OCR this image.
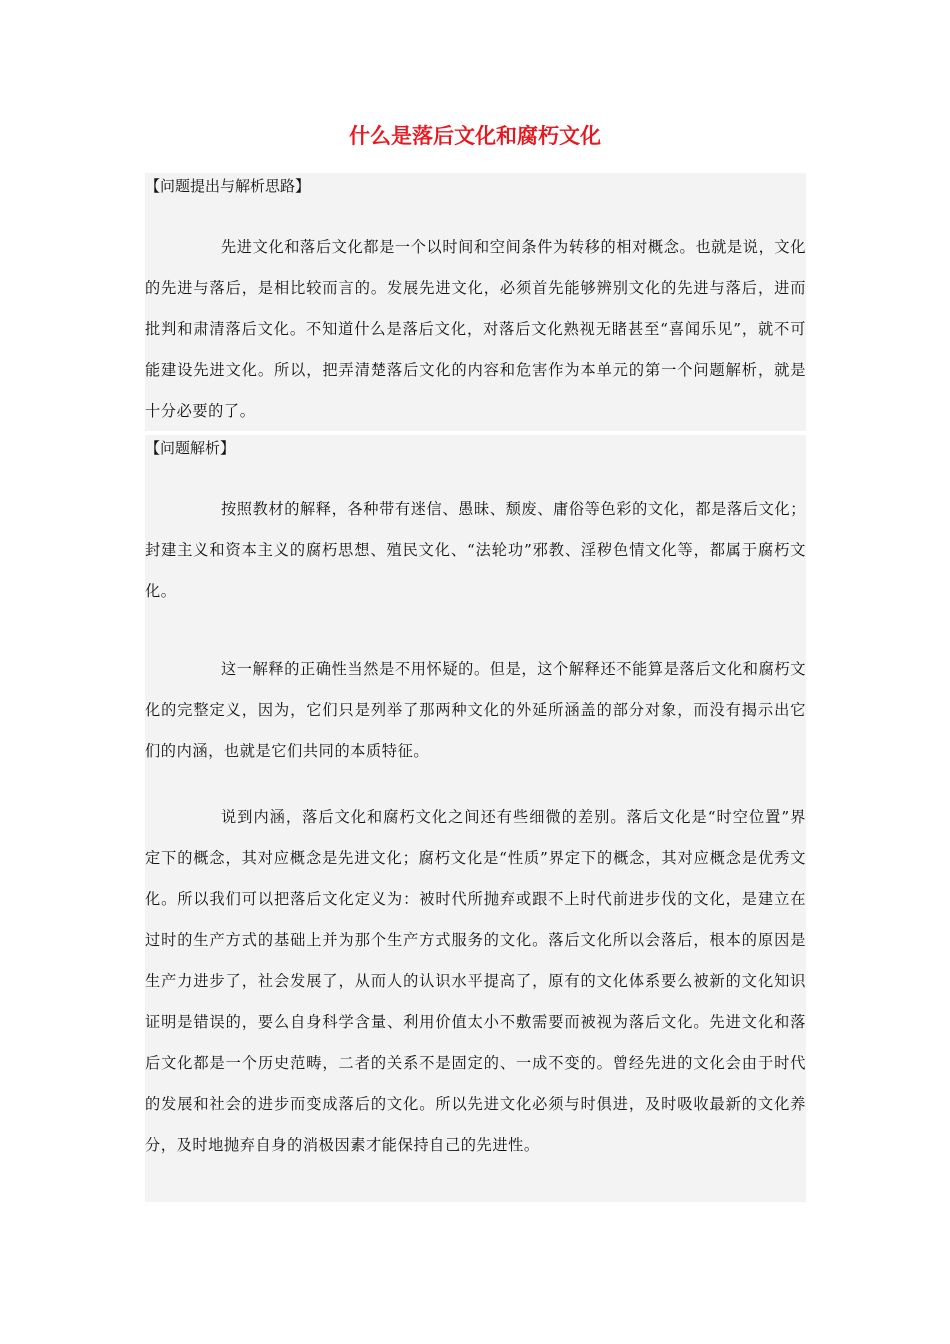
什么是落后文化和腐朽文化
【问题提出与解析思路】

先进文化和落后文化都是一个以时间和空间条件为转移的相对概念。也就是说，文化的先进与落后，是相比较而言的。发展先进文化，必须首先能够辨别文化的先进与落后，进而批判和肃清落后文化。不知道什么是落后文化，对落后文化熟视无睹甚至“喜闻乐见”，就不可能建设先进文化。所以，把弄清楚落后文化的内容和危害作为本单元的第一个问题解析，就是十分必要的了。

【问题解析】

按照教材的解释，各种带有迷信、愚昧、颓废、庸俗等色彩的文化，都是落后文化；封建主义和资本主义的腐朽思想、殖民文化、“法轮功”邪教、淫秽色情文化等，都属于腐朽文化。

这一解释的正确性当然是不用怀疑的。但是，这个解释还不能算是落后文化和腐朽文化的完整定义，因为，它们只是列举了那两种文化的外延所涵盖的部分对象，而没有揭示出它们的内涵，也就是它们共同的本质特征。

说到内涵，落后文化和腐朽文化之间还有些细微的差别。落后文化是“时空位置”界定下的概念，其对应概念是先进文化；腐朽文化是“性质”界定下的概念，其对应概念是优秀文化。所以我们可以把落后文化定义为：被时代所抛弃或跟不上时代前进步伐的文化，是建立在过时的生产方式的基础上并为那个生产方式服务的文化。落后文化所以会落后，根本的原因是生产力进步了，社会发展了，从而人的认识水平提高了，原有的文化体系要么被新的文化知识证明是错误的，要么自身科学含量、利用价值太小不敷需要而被视为落后文化。先进文化和落后文化都是一个历史范畴，二者的关系不是固定的、一成不变的。曾经先进的文化会由于时代的发展和社会的进步而变成落后的文化。所以先进文化必须与时俱进，及时吸收最新的文化养分，及时地抛弃自身的消极因素才能保持自己的先进性。
